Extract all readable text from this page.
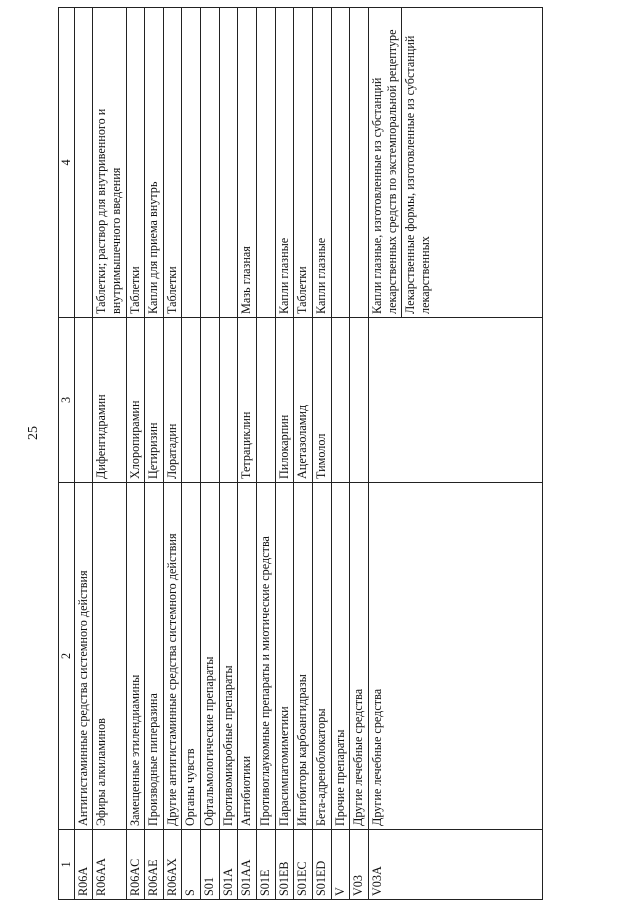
25
1	2	3	4
R06A	Антигистаминные средства системного действия		
R06AA	Эфиры алкиламинов	Дифенгидрамин	Таблетки; раствор для внутривенного и внутримышечного введения
R06AC	Замещенные этилендиамины	Хлоропирамин	Таблетки
R06AE	Производные пиперазина	Цетиризин	Капли для приема внутрь
R06AX	Другие антигистаминные средства системного действия	Лоратадин	Таблетки
S	Органы чувств		
S01	Офтальмологические препараты		
S01A	Противомикробные препараты		
S01AA	Антибиотики	Тетрациклин	Мазь глазная
S01E	Противоглаукомные препараты и миотические средства		
S01EB	Парасимпатомиметики	Пилокарпин	Капли глазные
S01EC	Ингибиторы карбоангидразы	Ацетазоламид	Таблетки
S01ED	Бета-адреноблокаторы	Тимолол	Капли глазные
V	Прочие препараты		
V03	Другие лечебные средства		
V03A	Другие лечебные средства		Капли глазные, изготовленные из субстанций лекарственных средств по экстемпоральной рецептуре Лекарственные формы, изготовленные из субстанций лекарственных
